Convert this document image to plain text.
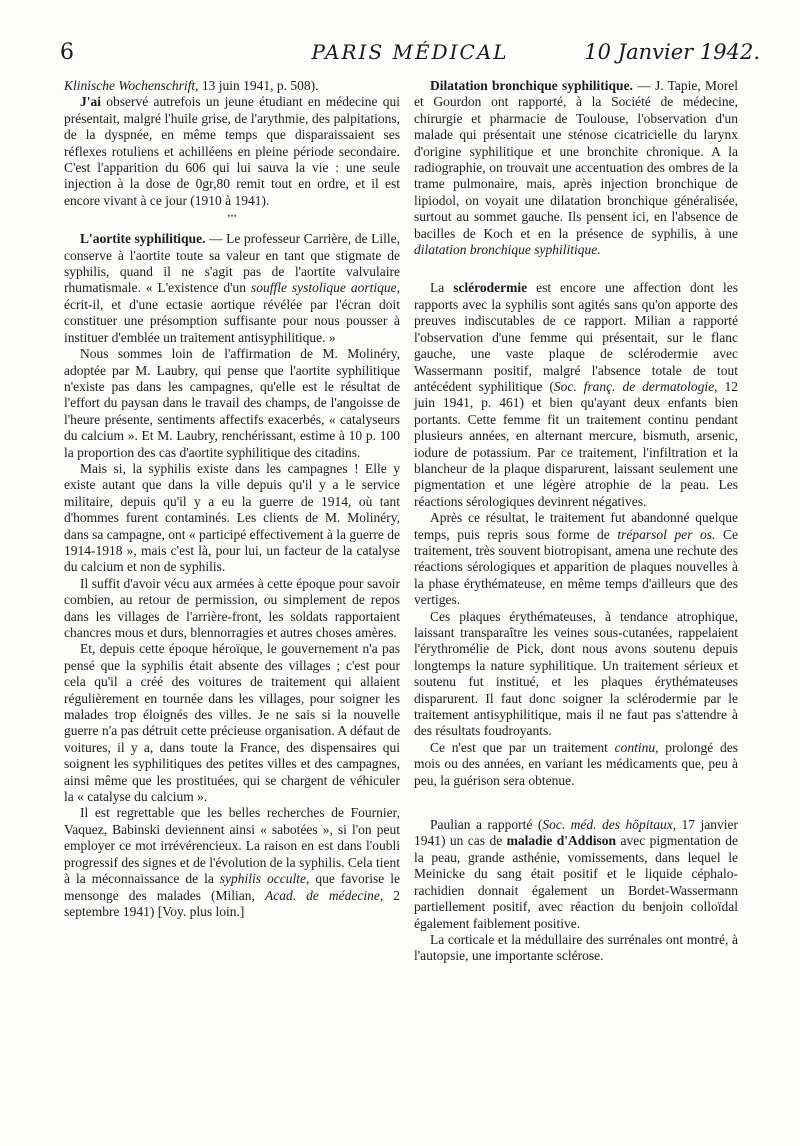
6	PARIS MÉDICAL	10 Janvier 1942.

Klinische Wochenschrift, 13 juin 1941, p. 508).

J'ai observé autrefois un jeune étudiant en médecine qui présentait, malgré l'huile grise, de l'arythmie, des palpitations, de la dyspnée, en même temps que disparaissaient ses réflexes rotuliens et achilléens en pleine période secondaire. C'est l'apparition du 606 qui lui sauva la vie : une seule injection à la dose de 0gr,80 remit tout en ordre, et il est encore vivant à ce jour (1910 à 1941).

•••

L'aortite syphilitique. — Le professeur Carrière, de Lille, conserve à l'aortite toute sa valeur en tant que stigmate de syphilis, quand il ne s'agit pas de l'aortite valvulaire rhumatismale. « L'existence d'un souffle systolique aortique, écrit-il, et d'une ectasie aortique révélée par l'écran doit constituer une présomption suffisante pour nous pousser à instituer d'emblée un traitement antisyphilitique. »

Nous sommes loin de l'affirmation de M. Molinéry, adoptée par M. Laubry, qui pense que l'aortite syphilitique n'existe pas dans les campagnes, qu'elle est le résultat de l'effort du paysan dans le travail des champs, de l'angoisse de l'heure présente, sentiments affectifs exacerbés, « catalyseurs du calcium ». Et M. Laubry, renchérissant, estime à 10 p. 100 la proportion des cas d'aortite syphilitique des citadins.

Mais si, la syphilis existe dans les campagnes ! Elle y existe autant que dans la ville depuis qu'il y a le service militaire, depuis qu'il y a eu la guerre de 1914, où tant d'hommes furent contaminés. Les clients de M. Molinéry, dans sa campagne, ont « participé effectivement à la guerre de 1914-1918 », mais c'est là, pour lui, un facteur de la catalyse du calcium et non de syphilis.

Il suffit d'avoir vécu aux armées à cette époque pour savoir combien, au retour de permission, ou simplement de repos dans les villages de l'arrière-front, les soldats rapportaient chancres mous et durs, blennorragies et autres choses amères.

Et, depuis cette époque héroïque, le gouvernement n'a pas pensé que la syphilis était absente des villages ; c'est pour cela qu'il a créé des voitures de traitement qui allaient régulièrement en tournée dans les villages, pour soigner les malades trop éloignés des villes. Je ne sais si la nouvelle guerre n'a pas détruit cette précieuse organisation. A défaut de voitures, il y a, dans toute la France, des dispensaires qui soignent les syphilitiques des petites villes et des campagnes, ainsi même que les prostituées, qui se chargent de véhiculer la « catalyse du calcium ».

Il est regrettable que les belles recherches de Fournier, Vaquez, Babinski deviennent ainsi « sabotées », si l'on peut employer ce mot irrévérencieux. La raison en est dans l'oubli progressif des signes et de l'évolution de la syphilis. Cela tient à la méconnaissance de la syphilis occulte, que favorise le mensonge des malades (Milian, Acad. de médecine, 2 septembre 1941) [Voy. plus loin.]

Dilatation bronchique syphilitique. — J. Tapie, Morel et Gourdon ont rapporté, à la Société de médecine, chirurgie et pharmacie de Toulouse, l'observation d'un malade qui présentait une sténose cicatricielle du larynx d'origine syphilitique et une bronchite chronique. A la radiographie, on trouvait une accentuation des ombres de la trame pulmonaire, mais, après injection bronchique de lipiodol, on voyait une dilatation bronchique généralisée, surtout au sommet gauche. Ils pensent ici, en l'absence de bacilles de Koch et en la présence de syphilis, à une dilatation bronchique syphilitique.

La sclérodermie est encore une affection dont les rapports avec la syphilis sont agités sans qu'on apporte des preuves indiscutables de ce rapport. Milian a rapporté l'observation d'une femme qui présentait, sur le flanc gauche, une vaste plaque de sclérodermie avec Wassermann positif, malgré l'absence totale de tout antécédent syphilitique (Soc. franç. de dermatologie, 12 juin 1941, p. 461) et bien qu'ayant deux enfants bien portants. Cette femme fit un traitement continu pendant plusieurs années, en alternant mercure, bismuth, arsenic, iodure de potassium. Par ce traitement, l'infiltration et la blancheur de la plaque disparurent, laissant seulement une pigmentation et une légère atrophie de la peau. Les réactions sérologiques devinrent négatives.

Après ce résultat, le traitement fut abandonné quelque temps, puis repris sous forme de tréparsol per os. Ce traitement, très souvent biotropisant, amena une rechute des réactions sérologiques et apparition de plaques nouvelles à la phase érythémateuse, en même temps d'ailleurs que des vertiges.

Ces plaques érythémateuses, à tendance atrophique, laissant transparaître les veines sous-cutanées, rappelaient l'érythromélie de Pick, dont nous avons soutenu depuis longtemps la nature syphilitique. Un traitement sérieux et soutenu fut institué, et les plaques érythémateuses disparurent. Il faut donc soigner la sclérodermie par le traitement antisyphilitique, mais il ne faut pas s'attendre à des résultats foudroyants.

Ce n'est que par un traitement continu, prolongé des mois ou des années, en variant les médicaments que, peu à peu, la guérison sera obtenue.

Paulian a rapporté (Soc. méd. des hôpitaux, 17 janvier 1941) un cas de maladie d'Addison avec pigmentation de la peau, grande asthénie, vomissements, dans lequel le Meinicke du sang était positif et le liquide céphalo-rachidien donnait également un Bordet-Wassermann partiellement positif, avec réaction du benjoin colloïdal également faiblement positive.

La corticale et la médullaire des surrénales ont montré, à l'autopsie, une importante sclérose.
